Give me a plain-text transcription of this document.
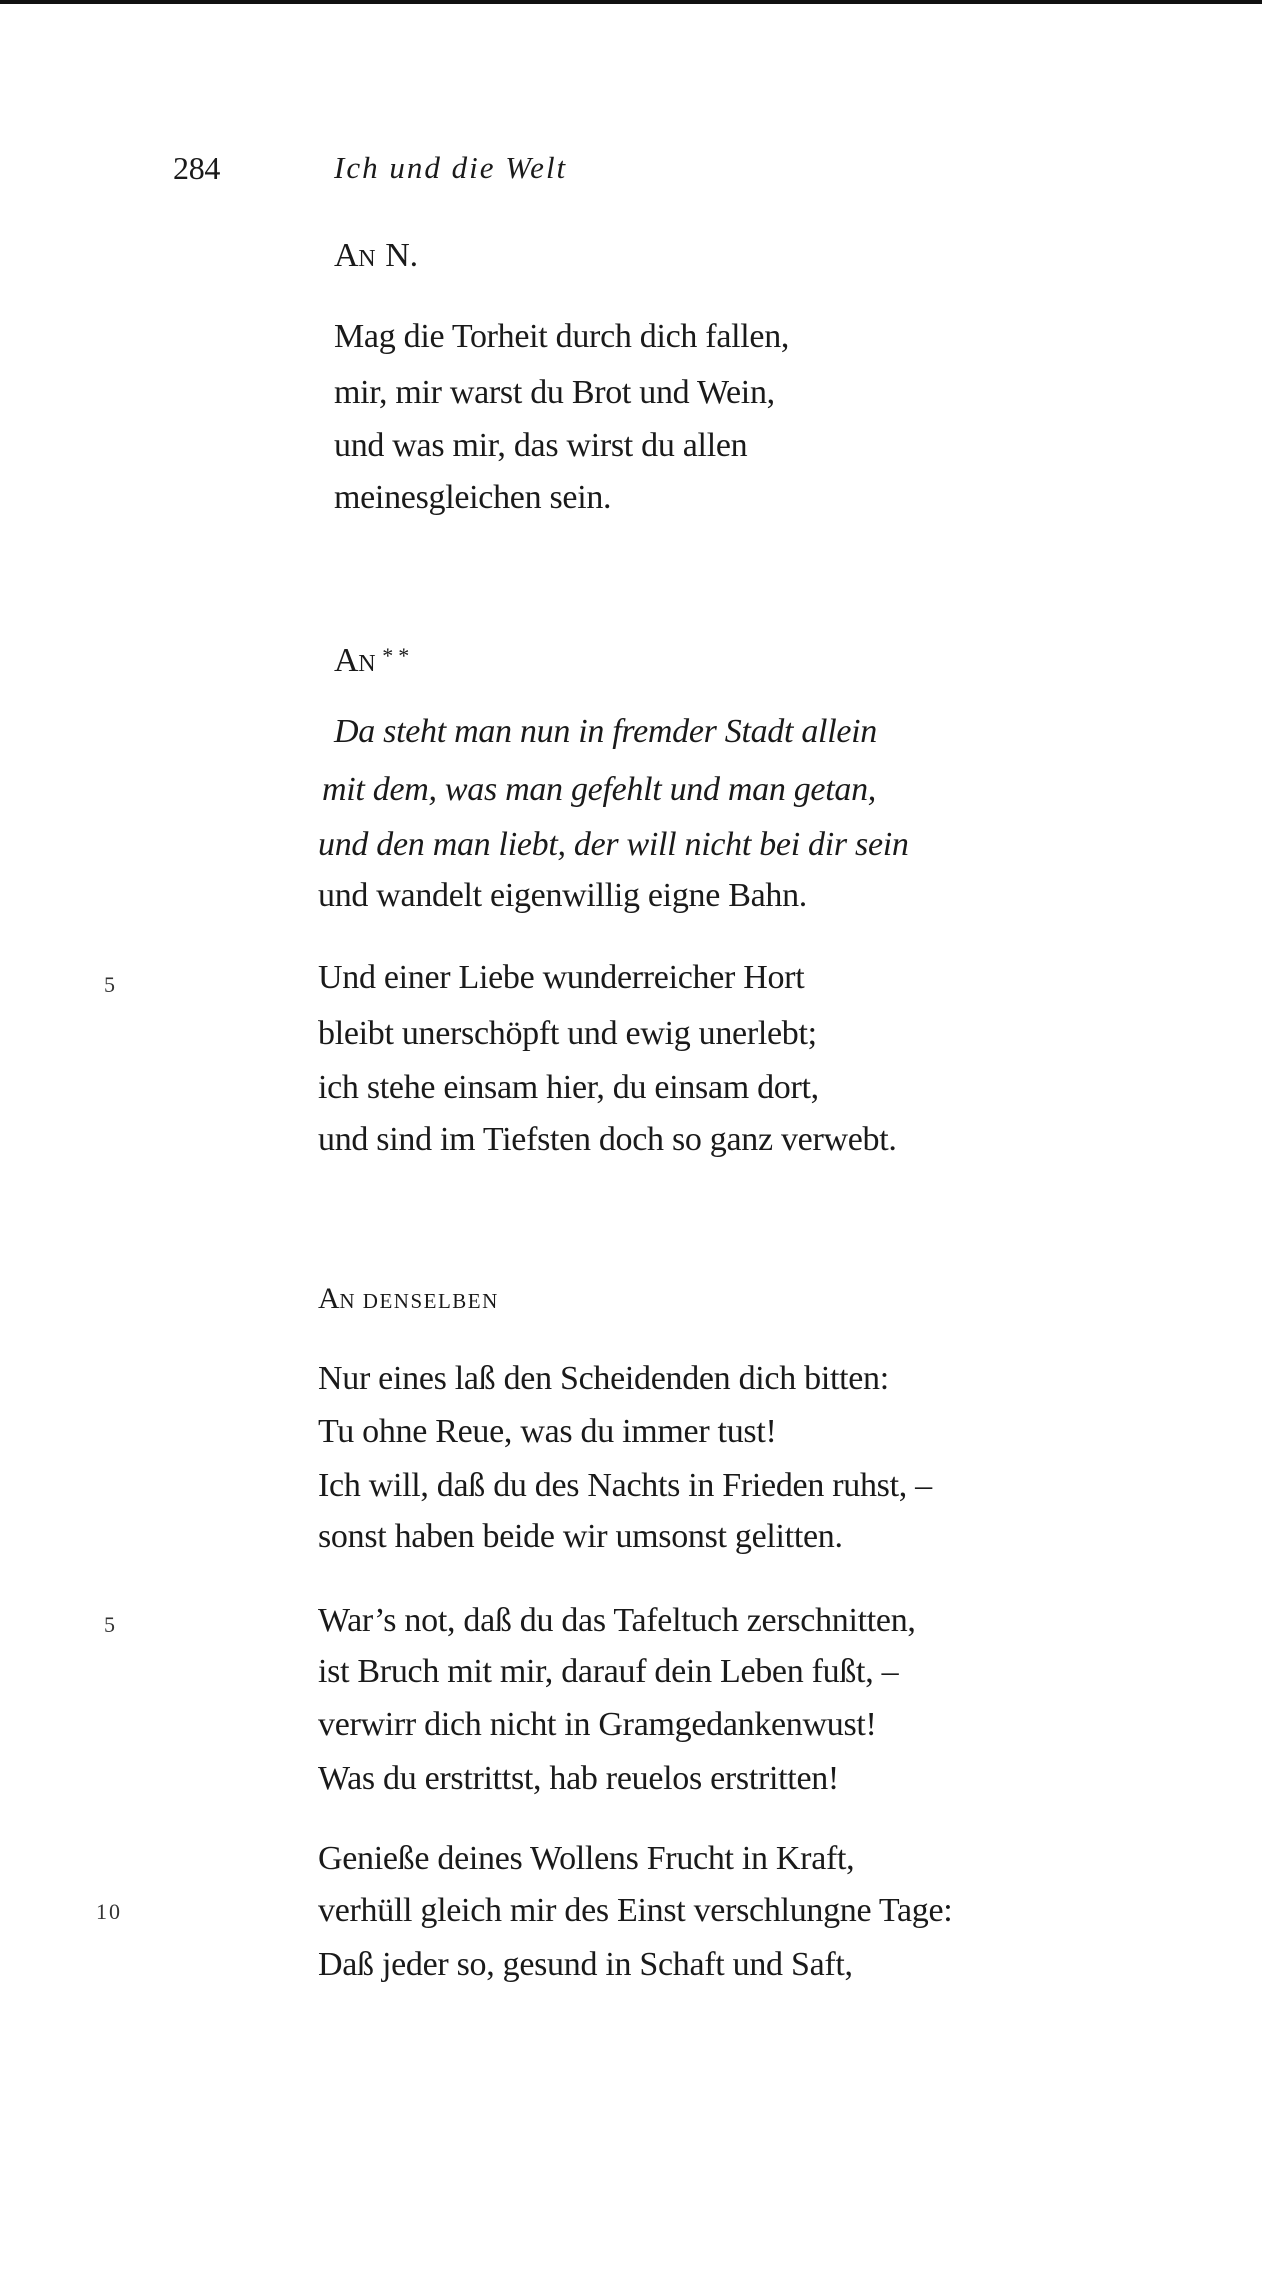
284	Ich und die Welt
AN N.
Mag die Torheit durch dich fallen,
mir, mir warst du Brot und Wein,
und was mir, das wirst du allen
meinesgleichen sein.
AN * *
Da steht man nun in fremder Stadt allein
mit dem, was man gefehlt und man getan,
und den man liebt, der will nicht bei dir sein
und wandelt eigenwillig eigne Bahn.
5	Und einer Liebe wunderreicher Hort
bleibt unerschöpft und ewig unerlebt;
ich stehe einsam hier, du einsam dort,
und sind im Tiefsten doch so ganz verwebt.
AN DENSELBEN
Nur eines laß den Scheidenden dich bitten:
Tu ohne Reue, was du immer tust!
Ich will, daß du des Nachts in Frieden ruhst, –
sonst haben beide wir umsonst gelitten.
5	War’s not, daß du das Tafeltuch zerschnitten,
ist Bruch mit mir, darauf dein Leben fußt, –
verwirr dich nicht in Gramgedankenwust!
Was du erstrittst, hab reuelos erstritten!
Genieße deines Wollens Frucht in Kraft,
10	verhüll gleich mir des Einst verschlungne Tage:
Daß jeder so, gesund in Schaft und Saft,
